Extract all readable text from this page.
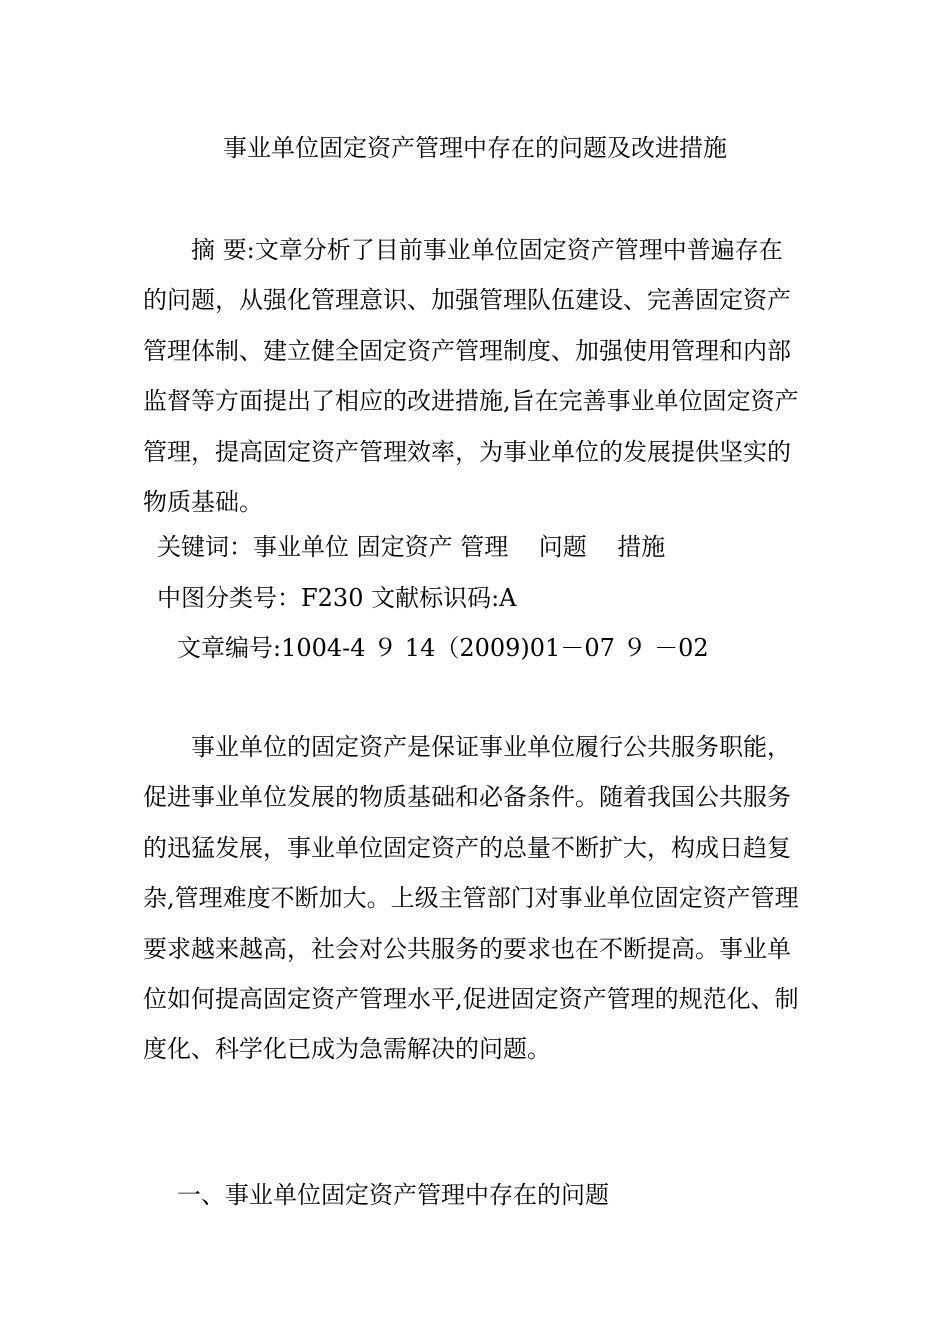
事业单位固定资产管理中存在的问题及改进措施

摘 要:文章分析了目前事业单位固定资产管理中普遍存在的问题，从强化管理意识、加强管理队伍建设、完善固定资产管理体制、建立健全固定资产管理制度、加强使用管理和内部监督等方面提出了相应的改进措施,旨在完善事业单位固定资产管理，提高固定资产管理效率，为事业单位的发展提供坚实的物质基础。

关键词：事业单位 固定资产 管理    问题    措施
中图分类号：F230 文献标识码:A
文章编号:1004-4 ９ 14（2009)01－07 ９ －02

事业单位的固定资产是保证事业单位履行公共服务职能，促进事业单位发展的物质基础和必备条件。随着我国公共服务的迅猛发展，事业单位固定资产的总量不断扩大，构成日趋复杂,管理难度不断加大。上级主管部门对事业单位固定资产管理要求越来越高，社会对公共服务的要求也在不断提高。事业单位如何提高固定资产管理水平,促进固定资产管理的规范化、制度化、科学化已成为急需解决的问题。

一、事业单位固定资产管理中存在的问题
